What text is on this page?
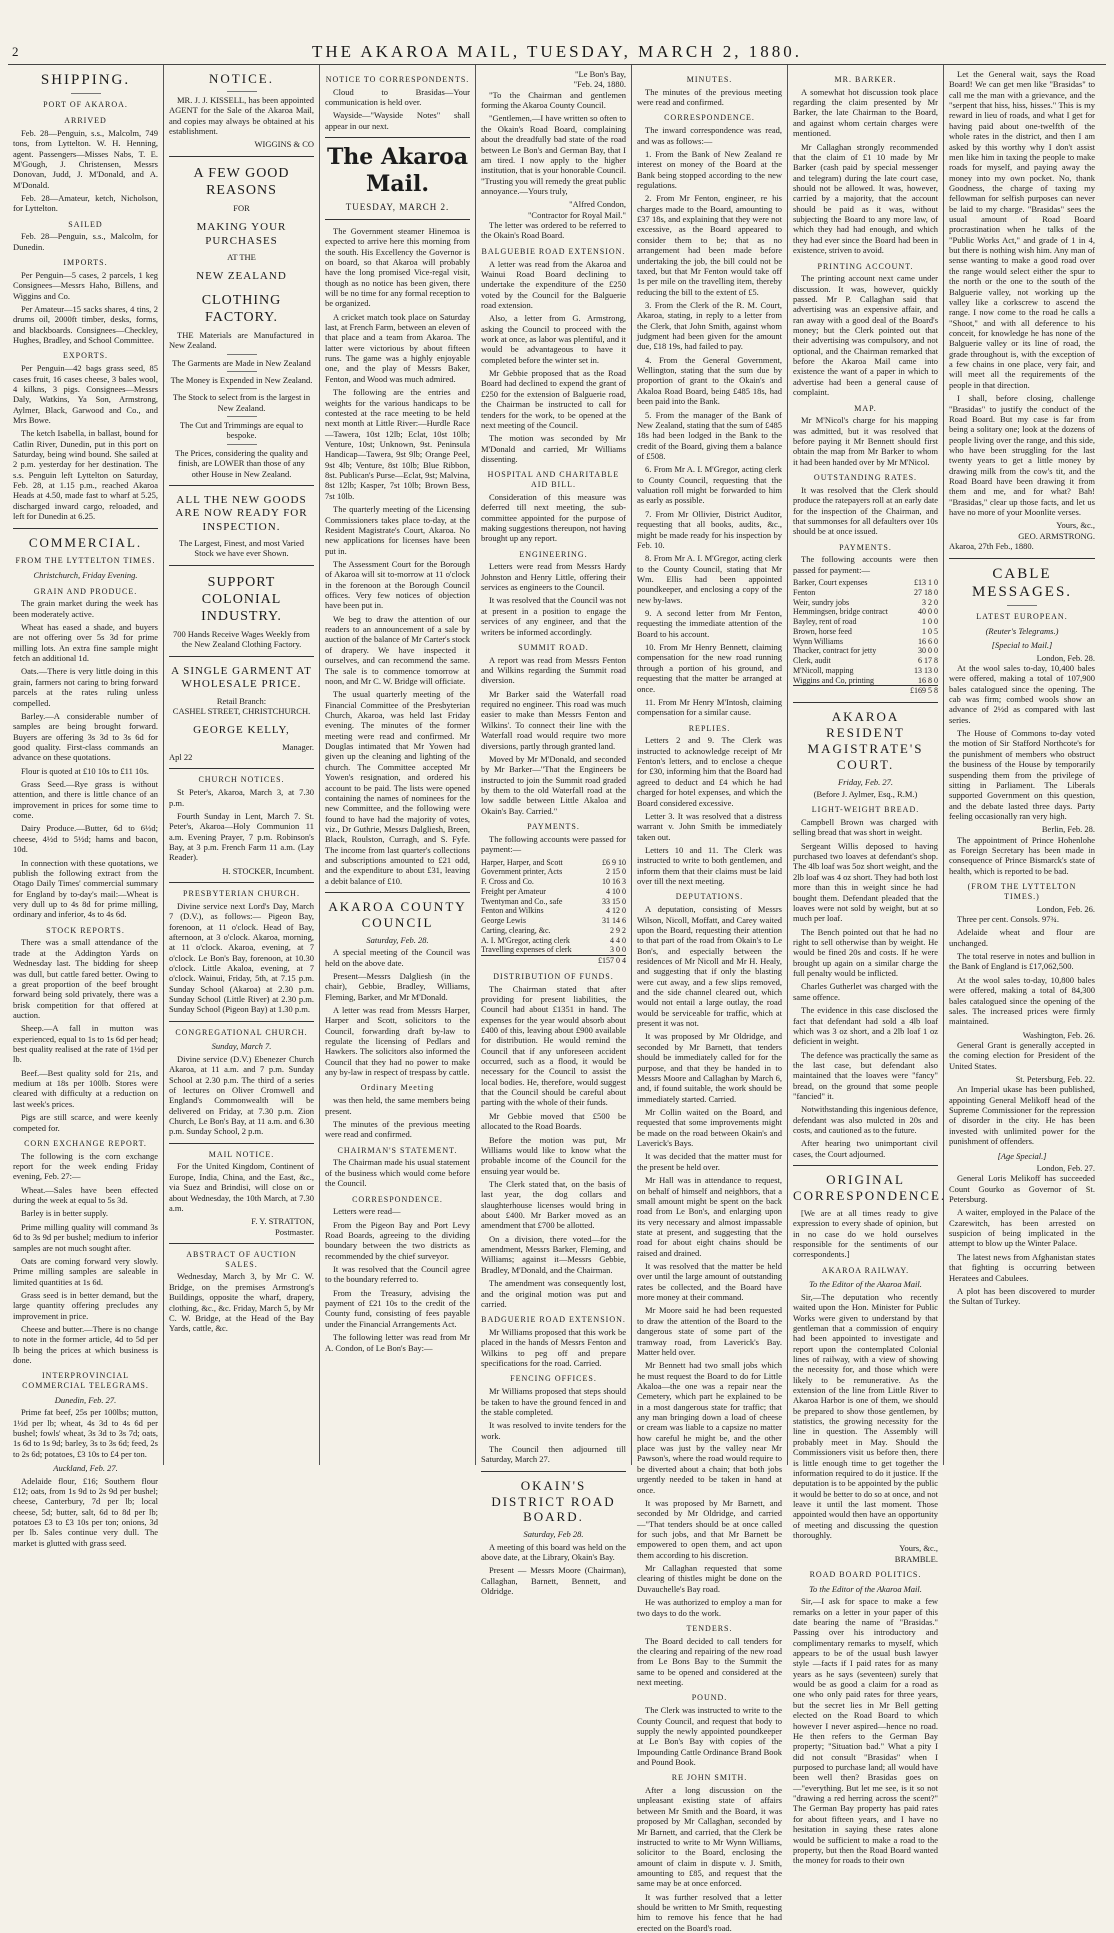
2	THE AKAROA MAIL, TUESDAY, MARCH 2, 1880.
SHIPPING.
PORT OF AKAROA.
ARRIVED

Feb. 28—Penguin, s.s., Malcolm, 749 tons, from Lyttelton. W. H. Henning, agent. Passengers—Misses Nabs, T. E. M'Gough, J. Christensen, Messrs Donovan, Judd, J. M'Donald, and A. M'Donald.

Feb. 28—Amateur, ketch, Nicholson, for Lyttelton.

SAILED

Feb. 28—Penguin, s.s., Malcolm, for Dunedin.

IMPORTS.

Per Penguin—5 cases, 2 parcels, 1 keg Consignees—Messrs Haho, Billens, and Wiggins and Co.

Per Amateur—15 sacks shares, 4 tins, 2 drums oil, 2000ft timber, desks, forms, and blackboards. Consignees—Checkley, Hughes, Bradley, and School Committee.

EXPORTS.

Per Penguin—42 bags grass seed, 85 cases fruit, 16 cases cheese, 3 bales wool, 4 kilkns, 3 pigs. Consignees—Messrs Daly, Watkins, Ya Son, Armstrong, Aylmer, Black, Garwood and Co., and Mrs Bowe.

The ketch Isabella, in ballast, bound for Catlin River, Dunedin, put in this port on Saturday, being wind bound. She sailed at 2 p.m. yesterday for her destination. The s.s. Penguin left Lyttelton on Saturday, Feb. 28, at 1.15 p.m., reached Akaroa Heads at 4.50, made fast to wharf at 5.25, discharged inward cargo, reloaded, and left for Dunedin at 6.25.

COMMERCIAL.
FROM THE LYTTELTON TIMES.
Christchurch, Friday Evening.
GRAIN AND PRODUCE.

The grain market during the week has been moderately active.

Wheat has eased a shade, and buyers are not offering over 5s 3d for prime milling lots. An extra fine sample might fetch an additional 1d.

Oats.—There is very little doing in this grain, farmers not caring to bring forward parcels at the rates ruling unless compelled.

Barley.—A considerable number of samples are being brought forward. Buyers are offering 3s 3d to 3s 6d for good quality. First-class commands an advance on these quotations.

Flour is quoted at £10 10s to £11 10s.

Grass Seed.—Rye grass is without attention, and there is little chance of an improvement in prices for some time to come.

Dairy Produce.—Butter, 6d to 6½d; cheese, 4½d to 5½d; hams and bacon, 10d.

In connection with these quotations, we publish the following extract from the Otago Daily Times' commercial summary for England by to-day's mail:—Wheat is very dull up to 4s 8d for prime milling, ordinary and inferior, 4s to 4s 6d.

STOCK REPORTS.

There was a small attendance of the trade at the Addington Yards on Wednesday last. The bidding for sheep was dull, but cattle fared better. Owing to a great proportion of the beef brought forward being sold privately, there was a brisk competition for that offered at auction.

Sheep.—A fall in mutton was experienced, equal to 1s to 1s 6d per head; best quality realised at the rate of 1½d per lb.

Beef.—Best quality sold for 21s, and medium at 18s per 100lb. Stores were cleared with difficulty at a reduction on last week's prices.

Pigs are still scarce, and were keenly competed for.

CORN EXCHANGE REPORT.

The following is the corn exchange report for the week ending Friday evening, Feb. 27:—

Wheat.—Sales have been effected during the week at equal to 5s 3d.

Barley is in better supply.

Prime milling quality will command 3s 6d to 3s 9d per bushel; medium to inferior samples are not much sought after.

Oats are coming forward very slowly. Prime milling samples are saleable in limited quantities at 1s 6d.

Grass seed is in better demand, but the large quantity offering precludes any improvement in price.

Cheese and butter.—There is no change to note in the former article, 4d to 5d per lb being the prices at which business is done.

INTERPROVINCIAL COMMERCIAL TELEGRAMS.
Dunedin, Feb. 27.

Prime fat beef, 25s per 100lbs; mutton, 1½d per lb; wheat, 4s 3d to 4s 6d per bushel; fowls' wheat, 3s 3d to 3s 7d; oats, 1s 6d to 1s 9d; barley, 3s to 3s 6d; feed, 2s to 2s 6d; potatoes, £3 10s to £4 per ton.

Auckland, Feb. 27.

Adelaide flour, £16; Southern flour £12; oats, from 1s 9d to 2s 9d per bushel; cheese, Canterbury, 7d per lb; local cheese, 5d; butter, salt, 6d to 8d per lb; potatoes £3 to £3 10s per ton; onions, 3d per lb. Sales continue very dull. The market is glutted with grass seed.

NOTICE.

MR. J. J. KISSELL, has been appointed AGENT for the Sale of the Akaroa Mail, and copies may always be obtained at his establishment.

WIGGINS & CO
A FEW GOOD REASONS
FOR
MAKING YOUR PURCHASES
AT THE
NEW ZEALAND
CLOTHING FACTORY.

THE Materials are Manufactured in New Zealand.

The Garments are Made in New Zealand

The Money is Expended in New Zealand.

The Stock to select from is the largest in New Zealand.

The Cut and Trimmings are equal to bespoke.

The Prices, considering the quality and finish, are LOWER than those of any other House in New Zealand.

ALL THE NEW GOODS ARE NOW READY FOR INSPECTION.

The Largest, Finest, and most Varied Stock we have ever Shown.

SUPPORT COLONIAL INDUSTRY.

700 Hands Receive Wages Weekly from the New Zealand Clothing Factory.

A SINGLE GARMENT AT WHOLESALE PRICE.
Retail Branch:
CASHEL STREET, CHRISTCHURCH.
GEORGE KELLY,
Manager.
Apl 22
CHURCH NOTICES.

St Peter's, Akaroa, March 3, at 7.30 p.m.

Fourth Sunday in Lent, March 7. St. Peter's, Akaroa—Holy Communion 11 a.m. Evening Prayer, 7 p.m. Robinson's Bay, at 3 p.m. French Farm 11 a.m. (Lay Reader).

H. STOCKER, Incumbent.
PRESBYTERIAN CHURCH.

Divine service next Lord's Day, March 7 (D.V.), as follows:— Pigeon Bay, forenoon, at 11 o'clock. Head of Bay, afternoon, at 3 o'clock. Akaroa, morning, at 11 o'clock. Akaroa, evening, at 7 o'clock. Le Bon's Bay, forenoon, at 10.30 o'clock. Little Akaloa, evening, at 7 o'clock. Wainui, Friday, 5th, at 7.15 p.m. Sunday School (Akaroa) at 2.30 p.m. Sunday School (Little River) at 2.30 p.m. Sunday School (Pigeon Bay) at 1.30 p.m.

CONGREGATIONAL CHURCH.
Sunday, March 7.

Divine service (D.V.) Ebenezer Church Akaroa, at 11 a.m. and 7 p.m. Sunday School at 2.30 p.m. The third of a series of lectures on Oliver Cromwell and England's Commonwealth will be delivered on Friday, at 7.30 p.m. Zion Church, Le Bon's Bay, at 11 a.m. and 6.30 p.m. Sunday School, 2 p.m.

MAIL NOTICE.

For the United Kingdom, Continent of Europe, India, China, and the East, &c., via Suez and Brindisi, will close on or about Wednesday, the 10th March, at 7.30 a.m.

F. Y. STRATTON,
Postmaster.
ABSTRACT OF AUCTION SALES.

Wednesday, March 3, by Mr C. W. Bridge, on the premises Armstrong's Buildings, opposite the wharf, drapery, clothing, &c., &c. Friday, March 5, by Mr C. W. Bridge, at the Head of the Bay Yards, cattle, &c.

NOTICE TO CORRESPONDENTS.

Cloud to Brasidas—Your communication is held over.

Wayside—"Wayside Notes" shall appear in our next.

The Akaroa Mail.
TUESDAY, MARCH 2.

The Government steamer Hinemoa is expected to arrive here this morning from the south. His Excellency the Governor is on board, so that Akaroa will probably have the long promised Vice-regal visit, though as no notice has been given, there will be no time for any formal reception to be organized.

A cricket match took place on Saturday last, at French Farm, between an eleven of that place and a team from Akaroa. The latter were victorious by about fifteen runs. The game was a highly enjoyable one, and the play of Messrs Baker, Fenton, and Wood was much admired.

The following are the entries and weights for the various handicaps to be contested at the race meeting to be held next month at Little River:—Hurdle Race —Tawera, 10st 12lb; Eclat, 10st 10lb; Venture, 10st; Unknown, 9st. Peninsula Handicap—Tawera, 9st 9lb; Orange Peel, 9st 4lb; Venture, 8st 10lb; Blue Ribbon, 8st. Publican's Purse—Eclat, 9st; Malvina, 8st 12lb; Kasper, 7st 10lb; Brown Bess, 7st 10lb.

The quarterly meeting of the Licensing Commissioners takes place to-day, at the Resident Magistrate's Court, Akaroa. No new applications for licenses have been put in.

The Assessment Court for the Borough of Akaroa will sit to-morrow at 11 o'clock in the forenoon at the Borough Council offices. Very few notices of objection have been put in.

We beg to draw the attention of our readers to an announcement of a sale by auction of the balance of Mr Carter's stock of drapery. We have inspected it ourselves, and can recommend the same. The sale is to commence tomorrow at noon, and Mr C. W. Bridge will officiate.

The usual quarterly meeting of the Financial Committee of the Presbyterian Church, Akaroa, was held last Friday evening. The minutes of the former meeting were read and confirmed. Mr Douglas intimated that Mr Yowen had given up the cleaning and lighting of the church. The Committee accepted Mr Yowen's resignation, and ordered his account to be paid. The lists were opened containing the names of nominees for the new Committee, and the following were found to have had the majority of votes, viz., Dr Guthrie, Messrs Dalgliesh, Breen, Black, Roulston, Curragh, and S. Fyfe. The income from last quarter's collections and subscriptions amounted to £21 odd, and the expenditure to about £31, leaving a debit balance of £10.

AKAROA COUNTY COUNCIL
Saturday, Feb. 28.

A special meeting of the Council was held on the above date.

Present—Messrs Dalgliesh (in the chair), Gebbie, Bradley, Williams, Fleming, Barker, and Mr M'Donald.

A letter was read from Messrs Harper, Harper and Scott, solicitors to the Council, forwarding draft by-law to regulate the licensing of Pedlars and Hawkers. The solicitors also informed the Council that they had no power to make any by-law in respect of trespass by cattle.

Ordinary Meeting

was then held, the same members being present.

The minutes of the previous meeting were read and confirmed.

CHAIRMAN'S STATEMENT.

The Chairman made his usual statement of the business which would come before the Council.

CORRESPONDENCE.

Letters were read—

From the Pigeon Bay and Port Levy Road Boards, agreeing to the dividing boundary between the two districts as recommended by the chief surveyor.

It was resolved that the Council agree to the boundary referred to.

From the Treasury, advising the payment of £21 10s to the credit of the County fund, consisting of fees payable under the Financial Arrangements Act.

The following letter was read from Mr A. Condon, of Le Bon's Bay:—

"Le Bon's Bay,
"Feb. 24, 1880.

"To the Chairman and gentlemen forming the Akaroa County Council.

"Gentlemen,—I have written so often to the Okain's Road Board, complaining about the dreadfully bad state of the road between Le Bon's and German Bay, that I am tired. I now apply to the higher institution, that is your honorable Council. "Trusting you will remedy the great public annoyance.—Yours truly,

"Alfred Condon,
"Contractor for Royal Mail."

The letter was ordered to be referred to the Okain's Road Board.

BALGUEBIE ROAD EXTENSION.

A letter was read from the Akaroa and Wainui Road Board declining to undertake the expenditure of the £250 voted by the Council for the Balguerie road extension.

Also, a letter from G. Armstrong, asking the Council to proceed with the work at once, as labor was plentiful, and it would be advantageous to have it completed before the winter set in.

Mr Gebbie proposed that as the Road Board had declined to expend the grant of £250 for the extension of Balguerie road, the Chairman be instructed to call for tenders for the work, to be opened at the next meeting of the Council.

The motion was seconded by Mr M'Donald and carried, Mr Williams dissenting.

HOSPITAL AND CHARITABLE AID BILL.

Consideration of this measure was deferred till next meeting, the sub-committee appointed for the purpose of making suggestions thereupon, not having brought up any report.

ENGINEERING.

Letters were read from Messrs Hardy Johnston and Henry Little, offering their services as engineers to the Council.

It was resolved that the Council was not at present in a position to engage the services of any engineer, and that the writers be informed accordingly.

SUMMIT ROAD.

A report was read from Messrs Fenton and Wilkins regarding the Summit road diversion.

Mr Barker said the Waterfall road required no engineer. This road was much easier to make than Messrs Fenton and Wilkins'. To connect their line with the Waterfall road would require two more diversions, partly through granted land.

Moved by Mr M'Donald, and seconded by Mr Barker—"That the Engineers be instructed to join the Summit road graded by them to the old Waterfall road at the low saddle between Little Akaloa and Okain's Bay. Carried."

PAYMENTS.

The following accounts were passed for payment:—

Harper, Harper, and Scott	£6 9 10
Government printer, Acts	2 15 0
F. Cross and Co.	10 16 3
Freight per Amateur	4 10 0
Twentyman and Co., safe	33 15 0
Fenton and Wilkins	4 12 0
George Lewis	31 14 6
Carting, clearing, &c.	2 9 2
A. I. M'Gregor, acting clerk	4 4 0
Travelling expenses of clerk	3 0 0
	£157 0 4
DISTRIBUTION OF FUNDS.

The Chairman stated that after providing for present liabilities, the Council had about £1351 in hand. The expenses for the year would absorb about £400 of this, leaving about £900 available for distribution. He would remind the Council that if any unforeseen accident occurred, such as a flood, it would be necessary for the Council to assist the local bodies. He, therefore, would suggest that the Council should be careful about parting with the whole of their funds.

Mr Gebbie moved that £500 be allocated to the Road Boards.

Before the motion was put, Mr Williams would like to know what the probable income of the Council for the ensuing year would be.

The Clerk stated that, on the basis of last year, the dog collars and slaughterhouse licenses would bring in about £400. Mr Barker moved as an amendment that £700 be allotted.

On a division, there voted—for the amendment, Messrs Barker, Fleming, and Williams; against it—Messrs Gebbie, Bradley, M'Donald, and the Chairman.

The amendment was consequently lost, and the original motion was put and carried.

BADGUERIE ROAD EXTENSION.

Mr Williams proposed that this work be placed in the hands of Messrs Fenton and Wilkins to peg off and prepare specifications for the road. Carried.

FENCING OFFICES.

Mr Williams proposed that steps should be taken to have the ground fenced in and the stable completed.

It was resolved to invite tenders for the work.

The Council then adjourned till Saturday, March 27.

OKAIN'S DISTRICT ROAD BOARD.
Saturday, Feb 28.

A meeting of this board was held on the above date, at the Library, Okain's Bay.

Present — Messrs Moore (Chairman), Callaghan, Barnett, Bennett, and Oldridge.

MINUTES.

The minutes of the previous meeting were read and confirmed.

CORRESPONDENCE.

The inward correspondence was read, and was as follows:—

1. From the Bank of New Zealand re interest on money of the Board at the Bank being stopped according to the new regulations.

2. From Mr Fenton, engineer, re his charges made to the Board, amounting to £37 18s, and explaining that they were not excessive, as the Board appeared to consider them to be; that as no arrangement had been made before undertaking the job, the bill could not be taxed, but that Mr Fenton would take off 1s per mile on the travelling item, thereby reducing the bill to the extent of £5.

3. From the Clerk of the R. M. Court, Akaroa, stating, in reply to a letter from the Clerk, that John Smith, against whom judgment had been given for the amount due, £18 19s, had failed to pay.

4. From the General Government, Wellington, stating that the sum due by proportion of grant to the Okain's and Akaloa Road Board, being £485 18s, had been paid into the Bank.

5. From the manager of the Bank of New Zealand, stating that the sum of £485 18s had been lodged in the Bank to the credit of the Board, giving them a balance of £508.

6. From Mr A. I. M'Gregor, acting clerk to County Council, requesting that the valuation roll might be forwarded to him as early as possible.

7. From Mr Ollivier, District Auditor, requesting that all books, audits, &c., might be made ready for his inspection by Feb. 10.

8. From Mr A. I. M'Gregor, acting clerk to the County Council, stating that Mr Wm. Ellis had been appointed poundkeeper, and enclosing a copy of the new by-laws.

9. A second letter from Mr Fenton, requesting the immediate attention of the Board to his account.

10. From Mr Henry Bennett, claiming compensation for the new road running through a portion of his ground, and requesting that the matter be arranged at once.

11. From Mr Henry M'Intosh, claiming compensation for a similar cause.

REPLIES.

Letters 2 and 9. The Clerk was instructed to acknowledge receipt of Mr Fenton's letters, and to enclose a cheque for £30, informing him that the Board had agreed to deduct and £4 which he had charged for hotel expenses, and which the Board considered excessive.

Letter 3. It was resolved that a distress warrant v. John Smith be immediately taken out.

Letters 10 and 11. The Clerk was instructed to write to both gentlemen, and inform them that their claims must be laid over till the next meeting.

DEPUTATIONS.

A deputation, consisting of Messrs Wilson, Nicoll, Moffatt, and Carey waited upon the Board, requesting their attention to that part of the road from Okain's to Le Bon's, and especially between the residences of Mr Nicoll and Mr H. Healy, and suggesting that if only the blasting were cut away, and a few slips removed, and the side channel cleared out, which would not entail a large outlay, the road would be serviceable for traffic, which at present it was not.

It was proposed by Mr Oldridge, and seconded by Mr Barnett, that tenders should be immediately called for for the purpose, and that they be handed in to Messrs Moore and Callaghan by March 6, and, if found suitable, the work should be immediately started. Carried.

Mr Collin waited on the Board, and requested that some improvements might be made on the road between Okain's and Laverick's Bays.

It was decided that the matter must for the present be held over.

Mr Hall was in attendance to request, on behalf of himself and neighbors, that a small amount might be spent on the back road from Le Bon's, and enlarging upon its very necessary and almost impassable state at present, and suggesting that the road for about eight chains should be raised and drained.

It was resolved that the matter be held over until the large amount of outstanding rates be collected, and the Board have more money at their command.

Mr Moore said he had been requested to draw the attention of the Board to the dangerous state of some part of the tramway road, from Laverick's Bay. Matter held over.

Mr Bennett had two small jobs which he must request the Board to do for Little Akaloa—the one was a repair near the Cemetery, which part he explained to be in a most dangerous state for traffic; that any man bringing down a load of cheese or cream was liable to a capsize no matter how careful he might be, and the other place was just by the valley near Mr Pawson's, where the road would require to be diverted about a chain; that both jobs urgently needed to be taken in hand at once.

It was proposed by Mr Barnett, and seconded by Mr Oldridge, and carried—"That tenders should be at once called for such jobs, and that Mr Barnett be empowered to open them, and act upon them according to his discretion.

Mr Callaghan requested that some clearing of thistles might be done on the Duvauchelle's Bay road.

He was authorized to employ a man for two days to do the work.

TENDERS.

The Board decided to call tenders for the clearing and repairing of the new road from Le Bons Bay to the Summit the same to be opened and considered at the next meeting.

POUND.

The Clerk was instructed to write to the County Council, and request that body to supply the newly appointed poundkeeper at Le Bon's Bay with copies of the Impounding Cattle Ordinance Brand Book and Pound Book.

RE JOHN SMITH.

After a long discussion on the unpleasant existing state of affairs between Mr Smith and the Board, it was proposed by Mr Callaghan, seconded by Mr Barnett, and carried, that the Clerk be instructed to write to Mr Wynn Williams, solicitor to the Board, enclosing the amount of claim in dispute v. J. Smith, amounting to £85, and request that the same may be at once enforced.

It was further resolved that a letter should be written to Mr Smith, requesting him to remove his fence that he had erected on the Board's road.

MR. BARKER.

A somewhat hot discussion took place regarding the claim presented by Mr Barker, the late Chairman to the Board, and against whom certain charges were mentioned.

Mr Callaghan strongly recommended that the claim of £1 10 made by Mr Barker (cash paid by special messenger and telegram) during the late court case, should not be allowed. It was, however, carried by a majority, that the account should be paid as it was, without subjecting the Board to any more law, of which they had had enough, and which they had ever since the Board had been in existence, striven to avoid.

PRINTING ACCOUNT.

The printing account next came under discussion. It was, however, quickly passed. Mr P. Callaghan said that advertising was an expensive affair, and ran away with a good deal of the Board's money; but the Clerk pointed out that their advertising was compulsory, and not optional, and the Chairman remarked that before the Akaroa Mail came into existence the want of a paper in which to advertise had been a general cause of complaint.

MAP.

Mr M'Nicol's charge for his mapping was admitted, but it was resolved that before paying it Mr Bennett should first obtain the map from Mr Barker to whom it had been handed over by Mr M'Nicol.

OUTSTANDING RATES.

It was resolved that the Clerk should produce the ratepayers roll at an early date for the inspection of the Chairman, and that summonses for all defaulters over 10s should be at once issued.

PAYMENTS.

The following accounts were then passed for payment:—

Barker, Court expenses	£13 1 0
Fenton	27 18 0
Weir, sundry jobs	3 2 0
Hemmingsen, bridge contract	40 0 0
Bayley, rent of road	1 0 0
Brown, horse feed	1 0 5
Wynn Williams	16 6 0
Thacker, contract for jetty	30 0 0
Clerk, audit	6 17 8
M'Nicoll, mapping	13 13 0
Wiggins and Co, printing	16 8 0
	£169 5 8
AKAROA RESIDENT MAGISTRATE'S COURT.
Friday, Feb. 27.
(Before J. Aylmer, Esq., R.M.)
LIGHT-WEIGHT BREAD.

Campbell Brown was charged with selling bread that was short in weight.

Sergeant Willis deposed to having purchased two loaves at defendant's shop. The 4lb loaf was 5oz short weight, and the 2lb loaf was 4 oz short. They had both lost more than this in weight since he had bought them. Defendant pleaded that the loaves were not sold by weight, but at so much per loaf.

The Bench pointed out that he had no right to sell otherwise than by weight. He would be fined 20s and costs. If he were brought up again on a similar charge the full penalty would be inflicted.

Charles Gutherlet was charged with the same offence.

The evidence in this case disclosed the fact that defendant had sold a 4lb loaf which was 3 oz short, and a 2lb loaf 1 oz deficient in weight.

The defence was practically the same as the last case, but defendant also maintained that the loaves were "fancy" bread, on the ground that some people "fancied" it.

Notwithstanding this ingenious defence, defendant was also mulcted in 20s and costs, and cautioned as to the future.

After hearing two unimportant civil cases, the Court adjourned.

ORIGINAL CORRESPONDENCE.

[We are at all times ready to give expression to every shade of opinion, but in no case do we hold ourselves responsible for the sentiments of our correspondents.]

AKAROA RAILWAY.
To the Editor of the Akaroa Mail.

Sir,—The deputation who recently waited upon the Hon. Minister for Public Works were given to understand by that gentleman that a commission of enquiry had been appointed to investigate and report upon the contemplated Colonial lines of railway, with a view of showing the necessity for, and those which were likely to be remunerative. As the extension of the line from Little River to Akaroa Harbor is one of them, we should be prepared to show those gentlemen, by statistics, the growing necessity for the line in question. The Assembly will probably meet in May. Should the Commissioners visit us before then, there is little enough time to get together the information required to do it justice. If the deputation is to be appointed by the public it would be better to do so at once, and not leave it until the last moment. Those appointed would then have an opportunity of meeting and discussing the question thoroughly.

Yours, &c.,
BRAMBLE.
ROAD BOARD POLITICS.
To the Editor of the Akaroa Mail.

Sir,—I ask for space to make a few remarks on a letter in your paper of this date bearing the name of "Brasidas." Passing over his introductory and complimentary remarks to myself, which appears to be of the usual bush lawyer style —facts if I paid rates for as many years as he says (seventeen) surely that would be as good a claim for a road as one who only paid rates for three years, but the secret lies in Mr Bell getting elected on the Road Board to which however I never aspired—hence no road. He then refers to the German Bay property; "Situation bad." What a pity I did not consult "Brasidas" when I purposed to purchase land; all would have been well then? Brasidas goes on—"everything. But let me see, is it so not "drawing a red herring across the scent?" The German Bay property has paid rates for about fifteen years, and I have no hesitation in saying these rates alone would be sufficient to make a road to the property, but then the Road Board wanted the money for roads to their own

Let the General wait, says the Road Board! We can get men like "Brasidas" to call me the man with a grievance, and the "serpent that hiss, hiss, hisses." This is my reward in lieu of roads, and what I get for having paid about one-twelfth of the whole rates in the district, and then I am asked by this worthy why I don't assist men like him in taxing the people to make roads for myself, and paying away the money into my own pocket. No, thank Goodness, the charge of taxing my fellowman for selfish purposes can never be laid to my charge. "Brasidas" sees the usual amount of Road Board procrastination when he talks of the "Public Works Act," and grade of 1 in 4, but there is nothing wish him. Any man of sense wanting to make a good road over the range would select either the spur to the north or the one to the south of the Balguerie valley, not working up the valley like a corkscrew to ascend the range. I now come to the road he calls a "Shoot," and with all deference to his conceit, for knowledge he has none of the Balguerie valley or its line of road, the grade throughout is, with the exception of a few chains in one place, very fair, and will meet all the requirements of the people in that direction.

I shall, before closing, challenge "Brasidas" to justify the conduct of the Road Board. But my case is far from being a solitary one; look at the dozens of people living over the range, and this side, who have been struggling for the last twenty years to get a little money by drawing milk from the cow's tit, and the Road Board have been drawing it from them and me, and for what? Bah! "Brasidas," clear up those facts, and let us have no more of your Moonlite verses.

Yours, &c.,
GEO. ARMSTRONG.
Akaroa, 27th Feb., 1880.
CABLE MESSAGES.
LATEST EUROPEAN.
(Reuter's Telegrams.)
[Special to Mail.]
London, Feb. 28.

At the wool sales to-day, 10,400 bales were offered, making a total of 107,900 bales catalogued since the opening. The cab was firm; combed wools show an advance of 2½d as compared with last series.

The House of Commons to-day voted the motion of Sir Stafford Northcote's for the punishment of members who obstruct the business of the House by temporarily suspending them from the privilege of sitting in Parliament. The Liberals supported Government on this question, and the debate lasted three days. Party feeling occasionally ran very high.

Berlin, Feb. 28.

The appointment of Prince Hohenlohe as Foreign Secretary has been made in consequence of Prince Bismarck's state of health, which is reported to be bad.

(FROM THE LYTTELTON TIMES.)
London, Feb. 26.

Three per cent. Consols. 97¾.

Adelaide wheat and flour are unchanged.

The total reserve in notes and bullion in the Bank of England is £17,062,500.

At the wool sales to-day, 10,800 bales were offered, making a total of 84,300 bales catalogued since the opening of the sales. The increased prices were firmly maintained.

Washington, Feb. 26.

General Grant is generally accepted in the coming election for President of the United States.

St. Petersburg, Feb. 22.

An Imperial ukase has been published, appointing General Melikoff head of the Supreme Commissioner for the repression of disorder in the city. He has been invested with unlimited power for the punishment of offenders.

[Age Special.]
London, Feb. 27.

General Loris Melikoff has succeeded Count Gourko as Governor of St. Petersburg.

A waiter, employed in the Palace of the Czarewitch, has been arrested on suspicion of being implicated in the attempt to blow up the Winter Palace.

The latest news from Afghanistan states that fighting is occurring between Heratees and Cabulees.

A plot has been discovered to murder the Sultan of Turkey.
